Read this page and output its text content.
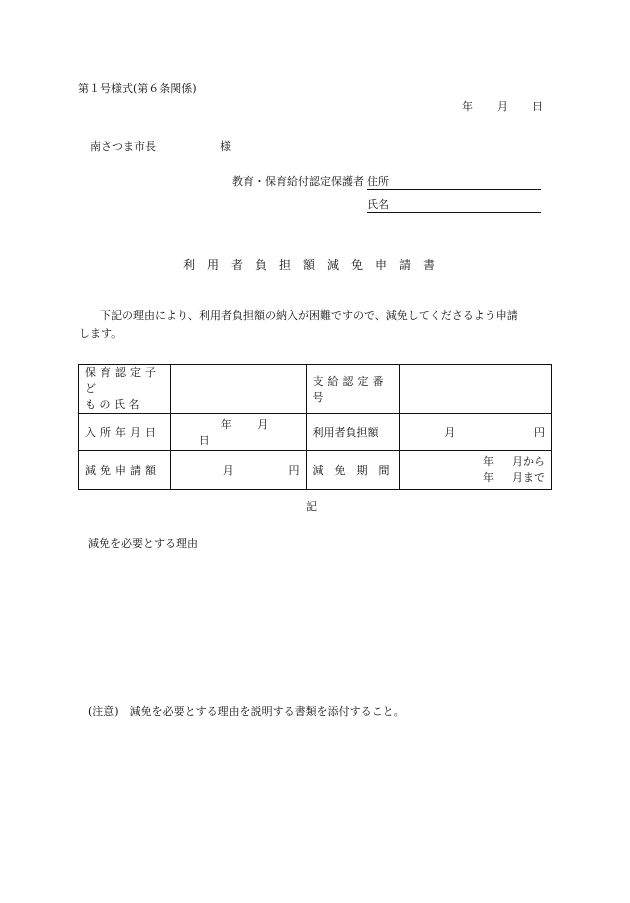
第１号様式(第６条関係)
年 月 日
南さつま市長	様
教育・保育給付認定保護者 住所
氏名
利　用　者　負　担　額　減　免　申　請　書
下記の理由により、利用者負担額の納入が困難ですので、減免してくださるよう申請
します。
保育認定子ど
も の 氏 名		支給認定番号	
入所年月日	年 月 日	利用者負担額	月 円

減免申請額	月 円	減　免　期　間	年 月から
年 月まで
記
減免を必要とする理由
(注意)　減免を必要とする理由を説明する書類を添付すること。
